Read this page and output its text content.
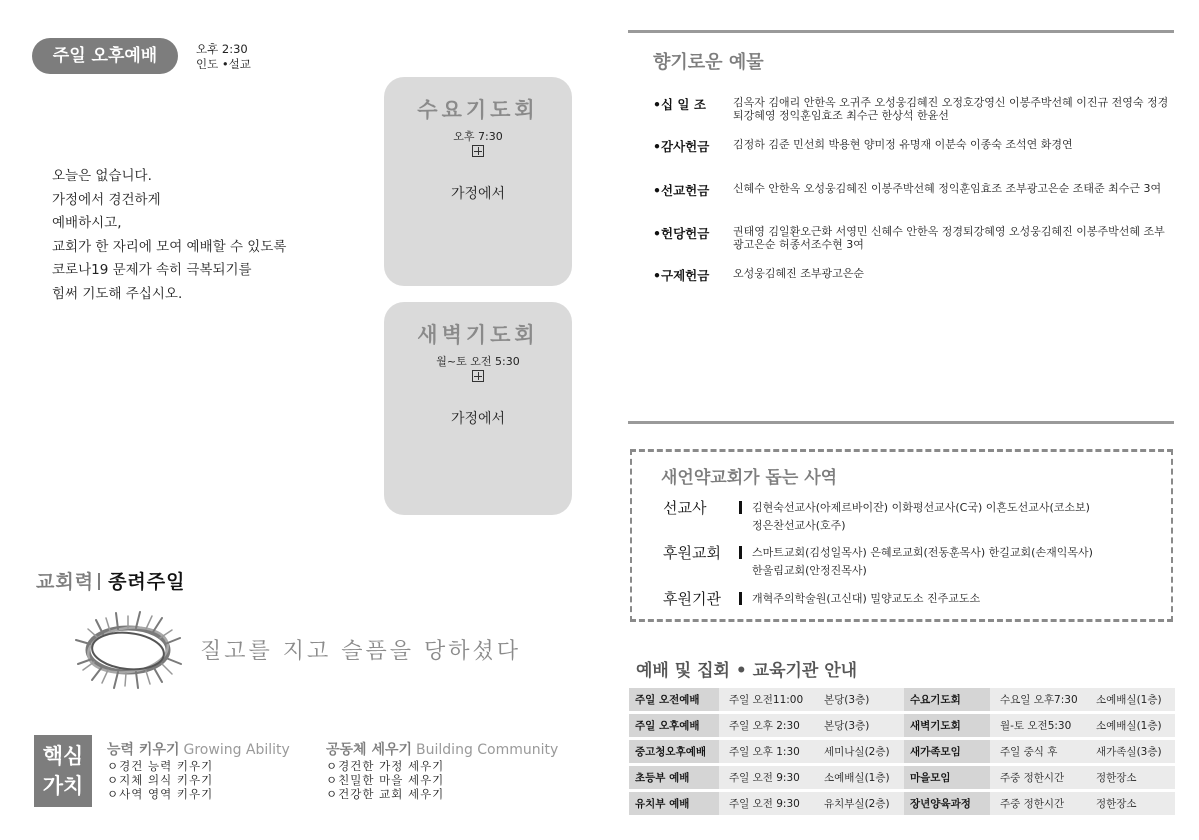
주일 오후예배	오후 2:30
인도 •설교
오늘은 없습니다.
가정에서 경건하게
예배하시고,
교회가 한 자리에 모여 예배할 수 있도록
코로나19 문제가 속히 극복되기를
힘써 기도해 주십시오.
수요기도회
오후 7:30
가정에서
새벽기도회
월~토 오전 5:30
가정에서
교회력 종려주일
질고를 지고 슬픔을 당하셨다
핵심
가치
능력 키우기 Growing Ability
ㅇ경건 능력 키우기
ㅇ지체 의식 키우기
ㅇ사역 영역 키우기
공동체 세우기 Building Community
ㅇ경건한 가정 세우기
ㅇ친밀한 마을 세우기
ㅇ건강한 교회 세우기
향기로운 예물
•십 일 조 김옥자 김애리 안한옥 오귀주 오성웅김혜진 오정호강영신 이봉주박선혜 이진규 전영숙 정경퇴강혜영 정익훈임효조 최수근 한상석 한윤선
•감사헌금 김정하 김준 민선희 박용현 양미정 유명재 이분숙 이종숙 조석연 화경연
•선교헌금 신혜수 안한옥 오성웅김혜진 이봉주박선혜 정익훈임효조 조부광고은순 조태준 최수근 3여
•헌당헌금 권태영 김일환오근화 서영민 신혜수 안한옥 정경퇴강혜영 오성웅김혜진 이봉주박선혜 조부광고은순 허종서조수현 3여
•구제헌금 오성웅김혜진 조부광고은순
새언약교회가 돕는 사역
선교사	김현숙선교사(아제르바이잔) 이화평선교사(C국) 이흔도선교사(코소보)
정은찬선교사(호주)
후원교회	스마트교회(김성일목사) 은혜로교회(전동훈목사) 한길교회(손재익목사)
한울림교회(안정진목사)
후원기관	개혁주의학술원(고신대) 밀양교도소 진주교도소
예배 및 집회 • 교육기관 안내
주일 오전예배	주일 오전11:00	본당(3층)	수요기도회	수요일 오후7:30	소예배실(1층)
주일 오후예배	주일 오후 2:30	본당(3층)	새벽기도회	월-토 오전5:30	소예배실(1층)
중고청오후예배	주일 오후 1:30	세미나실(2층)	새가족모임	주일 중식 후	새가족실(3층)
초등부 예배	주일 오전 9:30	소예배실(1층)	마을모임	주중 정한시간	정한장소
유치부 예배	주일 오전 9:30	유치부실(2층)	장년양육과정	주중 정한시간	정한장소
